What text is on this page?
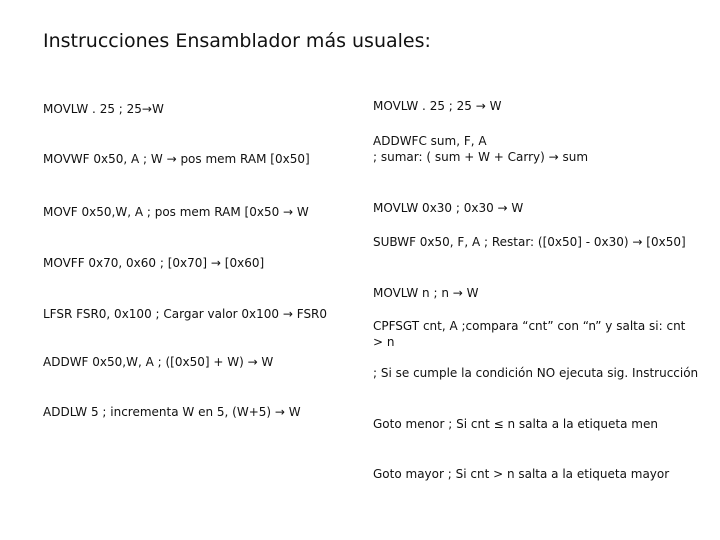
Instrucciones Ensamblador más usuales:
MOVLW . 25 ; 25→W
MOVWF 0x50, A ; W → pos mem RAM [0x50]
MOVF 0x50,W, A ; pos mem RAM [0x50 → W
MOVFF 0x70, 0x60 ; [0x70] → [0x60]
LFSR FSR0, 0x100 ; Cargar valor 0x100 → FSR0
ADDWF 0x50,W, A ; ([0x50] + W) → W
ADDLW 5 ; incrementa W en 5, (W+5) → W
MOVLW . 25 ; 25 → W
ADDWFC sum, F, A
; sumar: ( sum + W + Carry) → sum
MOVLW 0x30 ; 0x30 → W
SUBWF 0x50, F, A ; Restar: ([0x50] - 0x30) → [0x50]
MOVLW n ; n → W
CPFSGT cnt, A ;compara “cnt” con “n” y salta si: cnt > n
; Si se cumple la condición NO ejecuta sig. Instrucción
Goto menor ; Si cnt ≤ n salta a la etiqueta men
Goto mayor ; Si cnt > n salta a la etiqueta mayor
